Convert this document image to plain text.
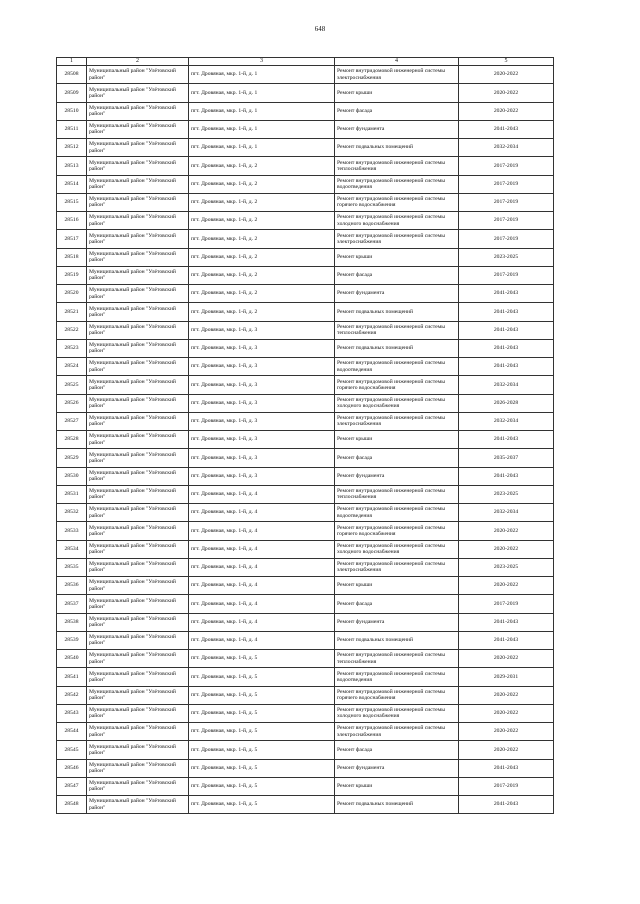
648
1	2	3	4	5
28508	Муниципальный район "Улётовский район"	пгт. Дровяная, мкр. 1-й, д. 1	Ремонт внутридомовой инженерной системы электроснабжения	2020-2022
28509	Муниципальный район "Улётовский район"	пгт. Дровяная, мкр. 1-й, д. 1	Ремонт крыши	2020-2022
28510	Муниципальный район "Улётовский район"	пгт. Дровяная, мкр. 1-й, д. 1	Ремонт фасада	2020-2022
28511	Муниципальный район "Улётовский район"	пгт. Дровяная, мкр. 1-й, д. 1	Ремонт фундамента	2041-2043
28512	Муниципальный район "Улётовский район"	пгт. Дровяная, мкр. 1-й, д. 1	Ремонт подвальных помещений	2032-2034
28513	Муниципальный район "Улётовский район"	пгт. Дровяная, мкр. 1-й, д. 2	Ремонт внутридомовой инженерной системы теплоснабжения	2017-2019
28514	Муниципальный район "Улётовский район"	пгт. Дровяная, мкр. 1-й, д. 2	Ремонт внутридомовой инженерной системы водоотведения	2017-2019
28515	Муниципальный район "Улётовский район"	пгт. Дровяная, мкр. 1-й, д. 2	Ремонт внутридомовой инженерной системы горячего водоснабжения	2017-2019
28516	Муниципальный район "Улётовский район"	пгт. Дровяная, мкр. 1-й, д. 2	Ремонт внутридомовой инженерной системы холодного водоснабжения	2017-2019
28517	Муниципальный район "Улётовский район"	пгт. Дровяная, мкр. 1-й, д. 2	Ремонт внутридомовой инженерной системы электроснабжения	2017-2019
28518	Муниципальный район "Улётовский район"	пгт. Дровяная, мкр. 1-й, д. 2	Ремонт крыши	2023-2025
28519	Муниципальный район "Улётовский район"	пгт. Дровяная, мкр. 1-й, д. 2	Ремонт фасада	2017-2019
28520	Муниципальный район "Улётовский район"	пгт. Дровяная, мкр. 1-й, д. 2	Ремонт фундамента	2041-2043
28521	Муниципальный район "Улётовский район"	пгт. Дровяная, мкр. 1-й, д. 2	Ремонт подвальных помещений	2041-2043
28522	Муниципальный район "Улётовский район"	пгт. Дровяная, мкр. 1-й, д. 3	Ремонт внутридомовой инженерной системы теплоснабжения	2041-2043
28523	Муниципальный район "Улётовский район"	пгт. Дровяная, мкр. 1-й, д. 3	Ремонт подвальных помещений	2041-2043
28524	Муниципальный район "Улётовский район"	пгт. Дровяная, мкр. 1-й, д. 3	Ремонт внутридомовой инженерной системы водоотведения	2041-2043
28525	Муниципальный район "Улётовский район"	пгт. Дровяная, мкр. 1-й, д. 3	Ремонт внутридомовой инженерной системы горячего водоснабжения	2032-2034
28526	Муниципальный район "Улётовский район"	пгт. Дровяная, мкр. 1-й, д. 3	Ремонт внутридомовой инженерной системы холодного водоснабжения	2026-2028
28527	Муниципальный район "Улётовский район"	пгт. Дровяная, мкр. 1-й, д. 3	Ремонт внутридомовой инженерной системы электроснабжения	2032-2034
28528	Муниципальный район "Улётовский район"	пгт. Дровяная, мкр. 1-й, д. 3	Ремонт крыши	2041-2043
28529	Муниципальный район "Улётовский район"	пгт. Дровяная, мкр. 1-й, д. 3	Ремонт фасада	2035-2037
28530	Муниципальный район "Улётовский район"	пгт. Дровяная, мкр. 1-й, д. 3	Ремонт фундамента	2041-2043
28531	Муниципальный район "Улётовский район"	пгт. Дровяная, мкр. 1-й, д. 4	Ремонт внутридомовой инженерной системы теплоснабжения	2023-2025
28532	Муниципальный район "Улётовский район"	пгт. Дровяная, мкр. 1-й, д. 4	Ремонт внутридомовой инженерной системы водоотведения	2032-2034
28533	Муниципальный район "Улётовский район"	пгт. Дровяная, мкр. 1-й, д. 4	Ремонт внутридомовой инженерной системы горячего водоснабжения	2020-2022
28534	Муниципальный район "Улётовский район"	пгт. Дровяная, мкр. 1-й, д. 4	Ремонт внутридомовой инженерной системы холодного водоснабжения	2020-2022
28535	Муниципальный район "Улётовский район"	пгт. Дровяная, мкр. 1-й, д. 4	Ремонт внутридомовой инженерной системы электроснабжения	2023-2025
28536	Муниципальный район "Улётовский район"	пгт. Дровяная, мкр. 1-й, д. 4	Ремонт крыши	2020-2022
28537	Муниципальный район "Улётовский район"	пгт. Дровяная, мкр. 1-й, д. 4	Ремонт фасада	2017-2019
28538	Муниципальный район "Улётовский район"	пгт. Дровяная, мкр. 1-й, д. 4	Ремонт фундамента	2041-2043
28539	Муниципальный район "Улётовский район"	пгт. Дровяная, мкр. 1-й, д. 4	Ремонт подвальных помещений	2041-2043
28540	Муниципальный район "Улётовский район"	пгт. Дровяная, мкр. 1-й, д. 5	Ремонт внутридомовой инженерной системы теплоснабжения	2020-2022
28541	Муниципальный район "Улётовский район"	пгт. Дровяная, мкр. 1-й, д. 5	Ремонт внутридомовой инженерной системы водоотведения	2029-2031
28542	Муниципальный район "Улётовский район"	пгт. Дровяная, мкр. 1-й, д. 5	Ремонт внутридомовой инженерной системы горячего водоснабжения	2020-2022
28543	Муниципальный район "Улётовский район"	пгт. Дровяная, мкр. 1-й, д. 5	Ремонт внутридомовой инженерной системы холодного водоснабжения	2020-2022
28544	Муниципальный район "Улётовский район"	пгт. Дровяная, мкр. 1-й, д. 5	Ремонт внутридомовой инженерной системы электроснабжения	2020-2022
28545	Муниципальный район "Улётовский район"	пгт. Дровяная, мкр. 1-й, д. 5	Ремонт фасада	2020-2022
28546	Муниципальный район "Улётовский район"	пгт. Дровяная, мкр. 1-й, д. 5	Ремонт фундамента	2041-2043
28547	Муниципальный район "Улётовский район"	пгт. Дровяная, мкр. 1-й, д. 5	Ремонт крыши	2017-2019
28548	Муниципальный район "Улётовский район"	пгт. Дровяная, мкр. 1-й, д. 5	Ремонт подвальных помещений	2041-2043
